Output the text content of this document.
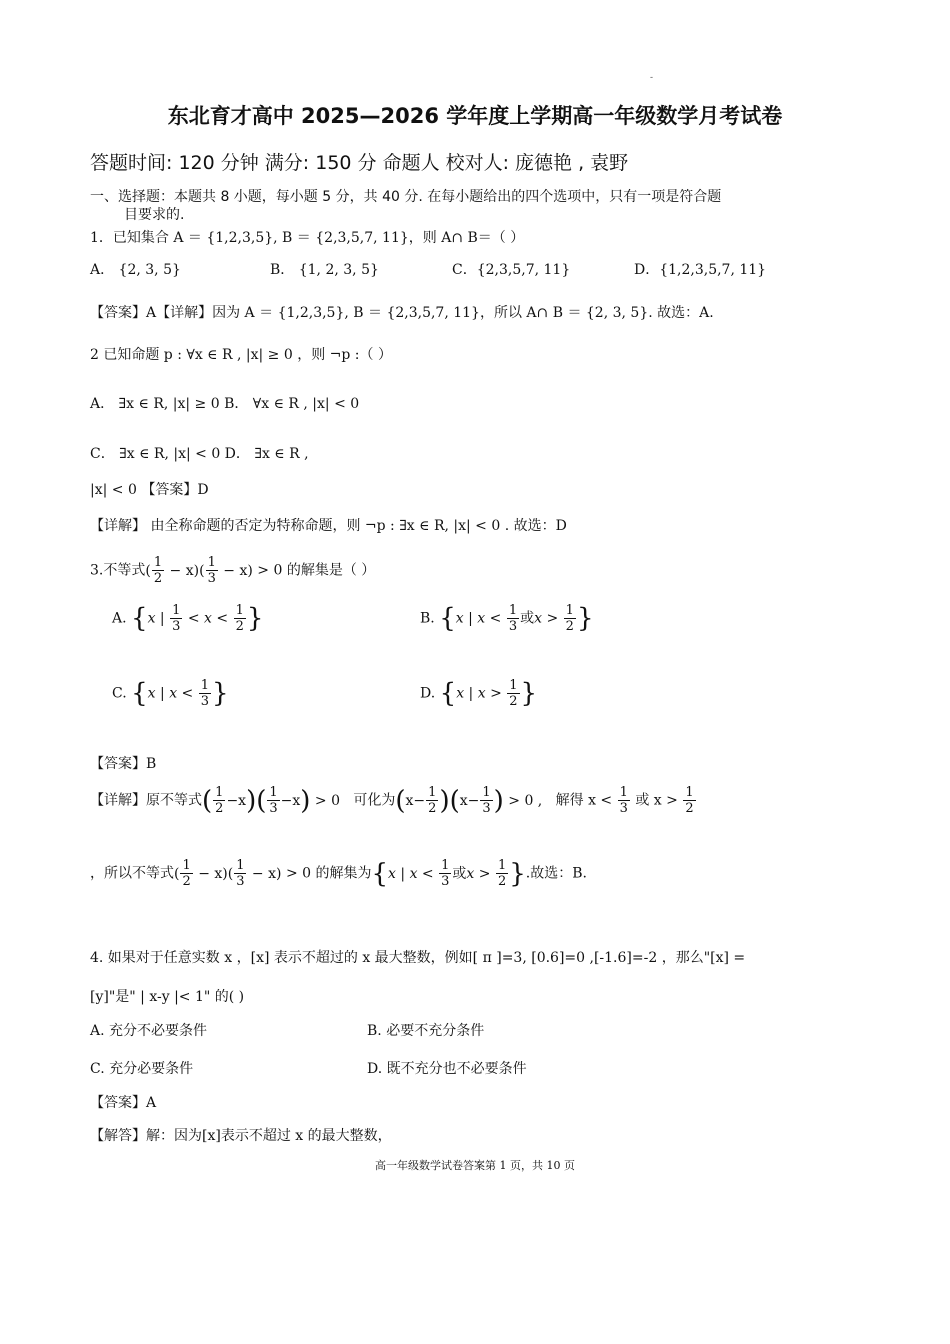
-
东北育才高中 2025—2026 学年度上学期高一年级数学月考试卷
答题时间: 120 分钟 满分: 150 分 命题人 校对人: 庞德艳 , 袁野
一、选择题：本题共 8 小题，每小题 5 分，共 40 分. 在每小题给出的四个选项中，只有一项是符合题
目要求的.
1．已知集合 A ＝ {1,2,3,5}, B ＝ {2,3,5,7, 11}，则 A∩ B＝（ ）
A． {2, 3, 5}	B． {1, 2, 3, 5}	C．{2,3,5,7, 11}	D．{1,2,3,5,7, 11}
【答案】A【详解】因为 A ＝ {1,2,3,5}, B ＝ {2,3,5,7, 11}，所以 A∩ B ＝ {2, 3, 5}. 故选：A.
2 已知命题 p : ∀x ∈ R , |x| ≥ 0 ，则 ¬p :（ ）
A． ∃x ∈ R, |x| ≥ 0 B． ∀x ∈ R , |x| < 0
C． ∃x ∈ R, |x| < 0 D． ∃x ∈ R ,
|x| < 0 【答案】D
【详解】 由全称命题的否定为特称命题，则 ¬p : ∃x ∈ R, |x| < 0 . 故选：D
3.不等式( $\frac{1}{2} - x)( \frac{1}{3} - x) > 0$ 的解集是（ ）
A. {x | $\frac{1}{3} < x < \frac{1}{2}$ }	B. {x | $x < \frac{1}{3}$ 或$x > \frac{1}{2}$ }
C. {x | $x < \frac{1}{3}$ }	D. {x | $x > \frac{1}{2}$ }
【答案】B
【详解】原不等式( $\frac{1}{2} -x)( \frac{1}{3} -x) > 0$ 可化为$(x- \frac{1}{2} )(x- \frac{1}{3}$ ) > 0 , 解得 $x < \frac{1}{3}$ 或 $x > \frac{1}{2}$
，所以不等式( $\frac{1}{2} - x)( \frac{1}{3} - x) > 0$ 的解集为{x | $x < \frac{1}{3}$ 或$x > \frac{1}{2}$ }.故选：B.
4. 如果对于任意实数 x ，[x] 表示不超过的 x 最大整数，例如[ π ]=3, [0.6]=0 ,[-1.6]=-2 ，那么"[x] =
[y]"是" | x-y |< 1" 的( )
A. 充分不必要条件	B. 必要不充分条件
C. 充分必要条件	D. 既不充分也不必要条件
【答案】A
【解答】解：因为[x]表示不超过 x 的最大整数，
高一年级数学试卷答案第 1 页，共 10 页
